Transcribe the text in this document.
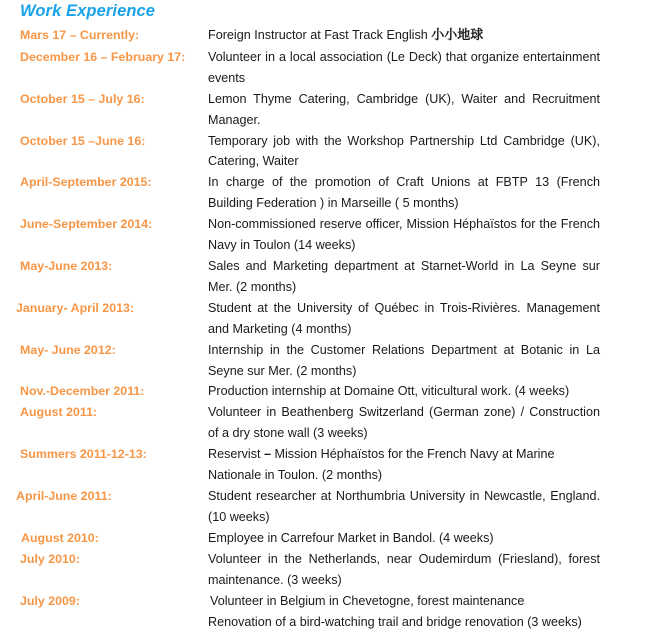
Work Experience
Mars 17 – Currently:	Foreign Instructor at Fast Track English 小小地球
December 16 – February 17:	Volunteer in a local association (Le Deck) that organize entertainment events
October 15 – July 16:	Lemon Thyme Catering, Cambridge (UK), Waiter and Recruitment Manager.
October 15 –June 16:	Temporary job with the Workshop Partnership Ltd Cambridge (UK), Catering, Waiter
April-September 2015:	In charge of the promotion of Craft Unions at FBTP 13 (French Building Federation ) in Marseille ( 5 months)
June-September 2014:	Non-commissioned reserve officer, Mission Héphaïstos for the French Navy in Toulon (14 weeks)
May-June 2013:	Sales and Marketing department at Starnet-World in La Seyne sur Mer. (2 months)
January- April 2013:	Student at the University of Québec in Trois-Rivières. Management and Marketing (4 months)
May- June 2012:	Internship in the Customer Relations Department at Botanic in La Seyne sur Mer. (2 months)
Nov.-December 2011:	Production internship at Domaine Ott, viticultural work. (4 weeks)
August 2011:	Volunteer in Beathenberg Switzerland (German zone) / Construction of a dry stone wall (3 weeks)
Summers 2011-12-13:	Reservist – Mission Héphaïstos for the French Navy at Marine
Nationale in Toulon. (2 months)
April-June 2011:	Student researcher at Northumbria University in Newcastle, England. (10 weeks)
August 2010:	Employee in Carrefour Market in Bandol. (4 weeks)
July 2010:	Volunteer in the Netherlands, near Oudemirdum (Friesland), forest maintenance. (3 weeks)
July 2009:	Volunteer in Belgium in Chevetogne, forest maintenance
Renovation of a bird-watching trail and bridge renovation (3 weeks)
